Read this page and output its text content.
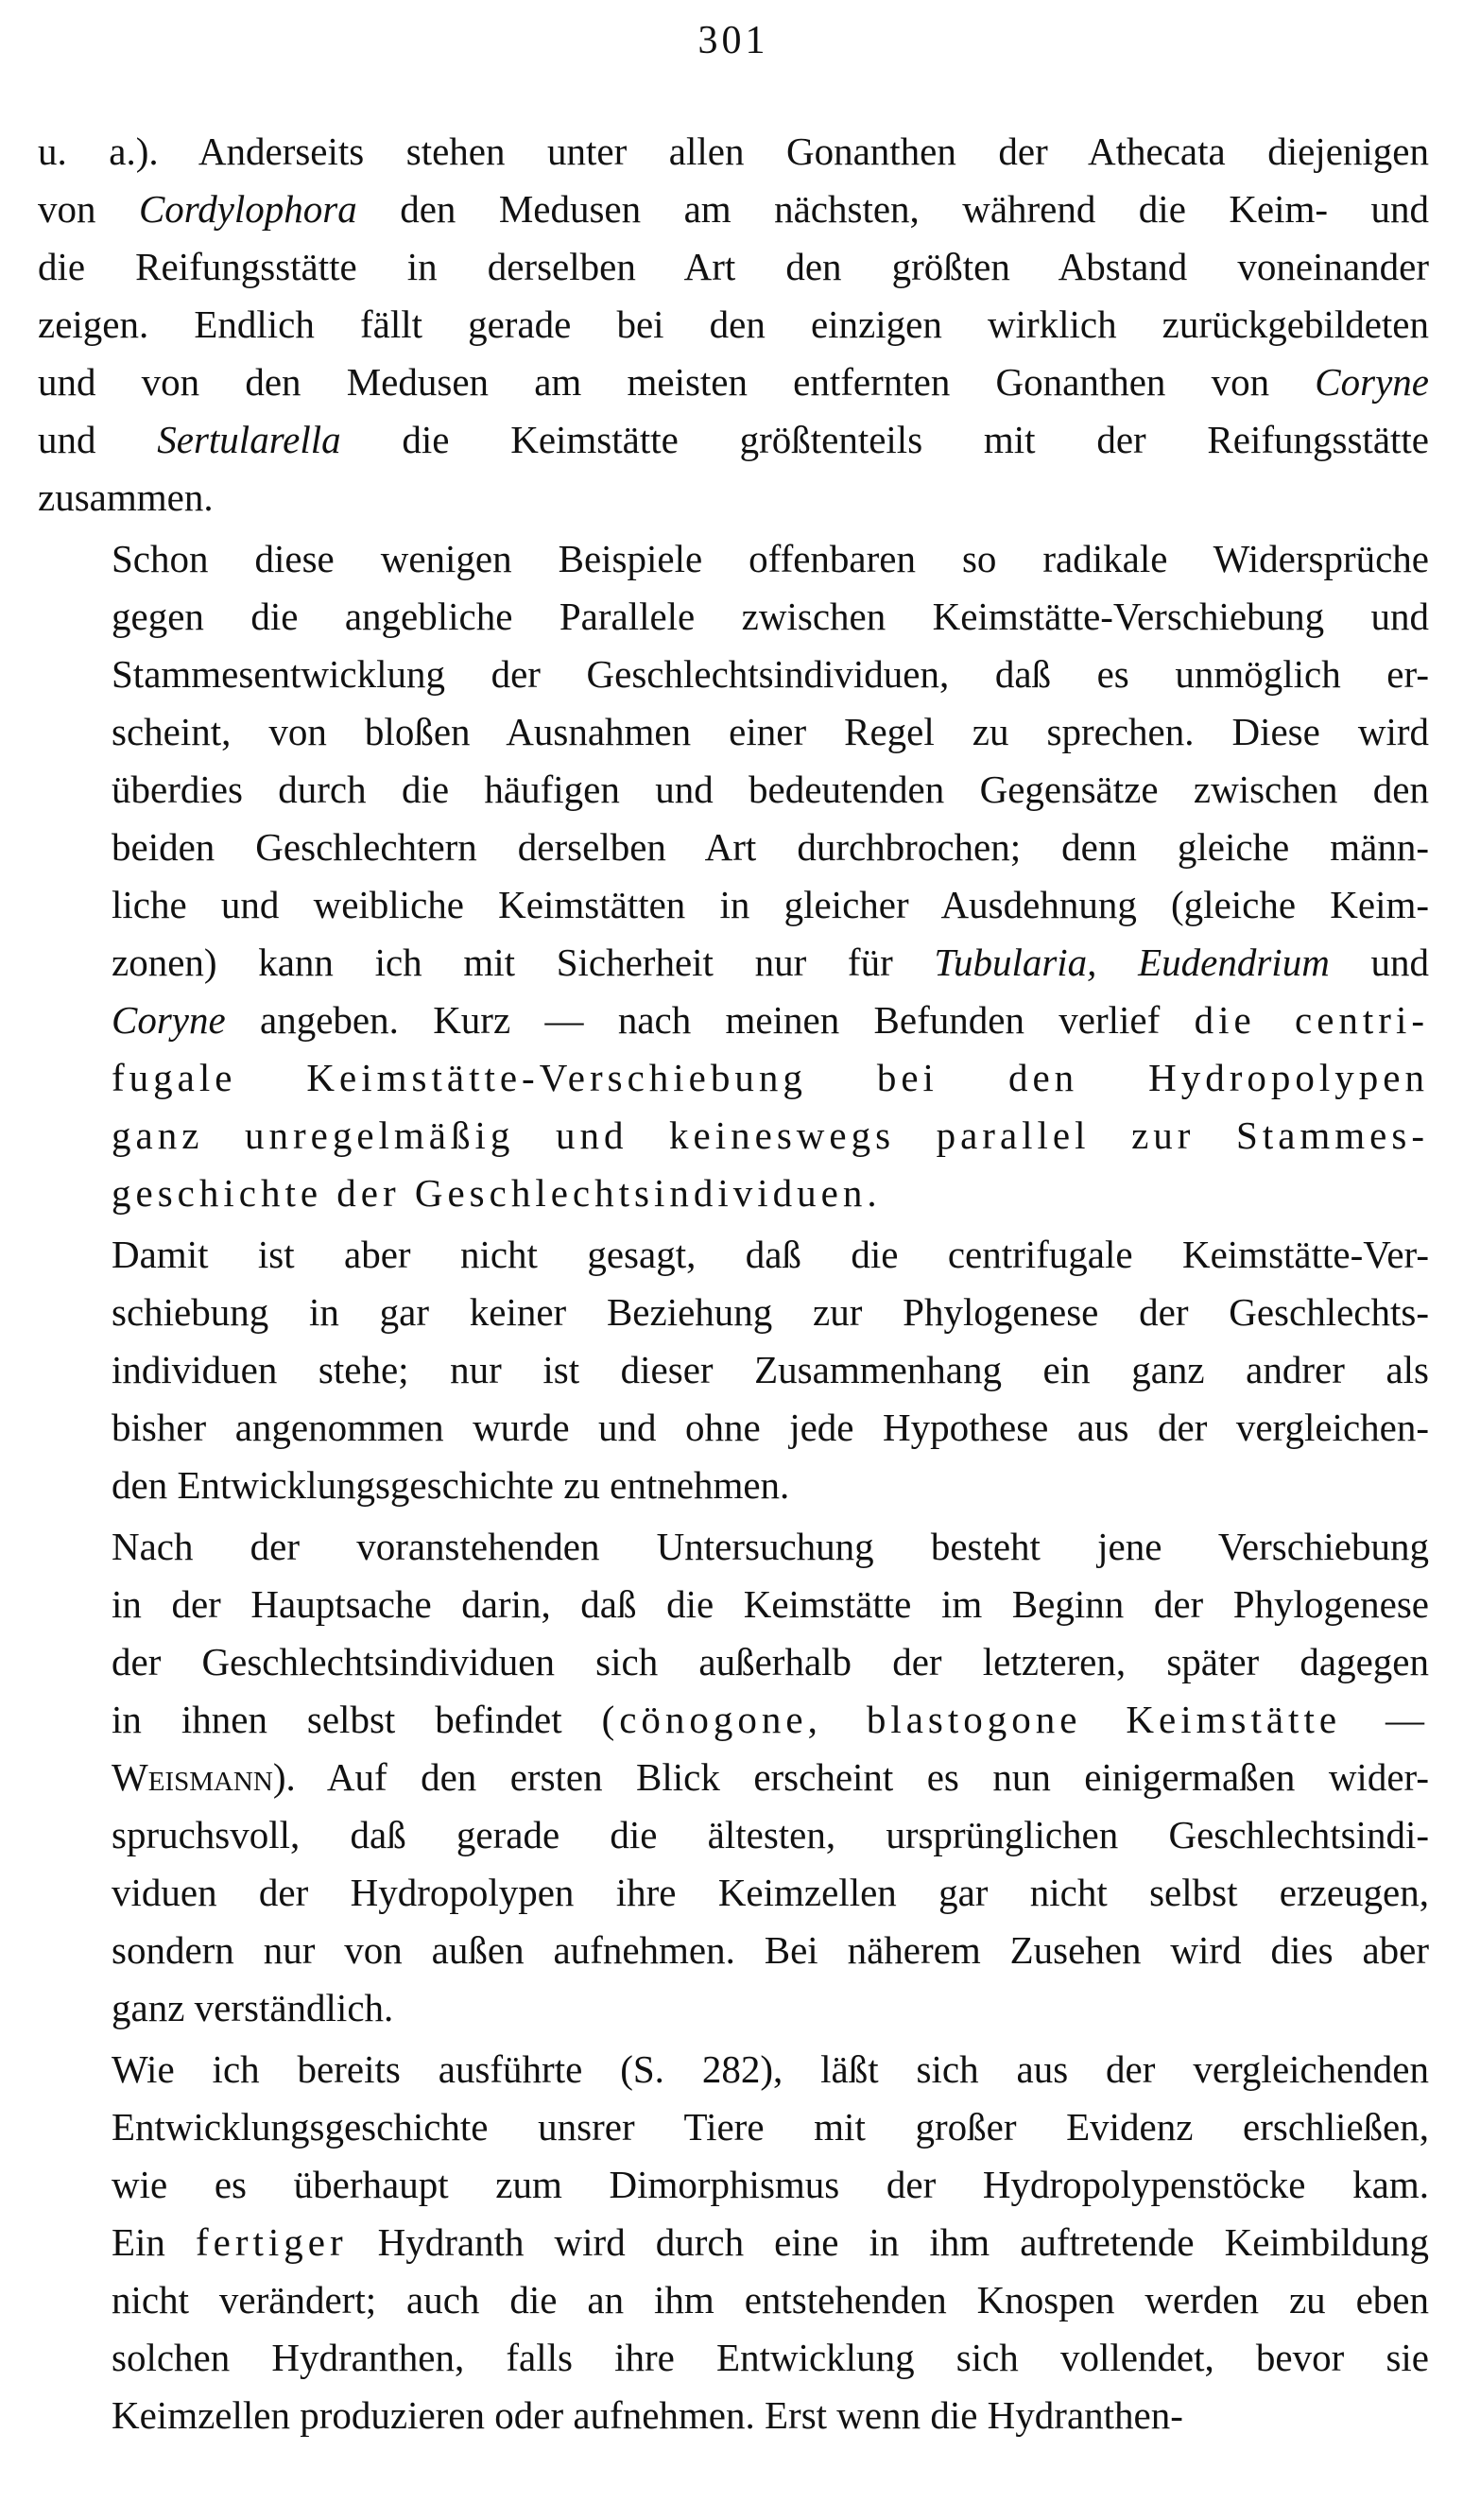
301
u. a.). Anderseits stehen unter allen Gonanthen der Athecata diejenigen
von Cordylophora den Medusen am nächsten, während die Keim- und
die Reifungsstätte in derselben Art den größten Abstand voneinander
zeigen. Endlich fällt gerade bei den einzigen wirklich zurückgebildeten
und von den Medusen am meisten entfernten Gonanthen von Coryne
und Sertularella die Keimstätte größtenteils mit der Reifungsstätte
zusammen.
Schon diese wenigen Beispiele offenbaren so radikale Widersprüche
gegen die angebliche Parallele zwischen Keimstätte-Verschiebung und
Stammesentwicklung der Geschlechtsindividuen, daß es unmöglich er-
scheint, von bloßen Ausnahmen einer Regel zu sprechen. Diese wird
überdies durch die häufigen und bedeutenden Gegensätze zwischen den
beiden Geschlechtern derselben Art durchbrochen; denn gleiche männ-
liche und weibliche Keimstätten in gleicher Ausdehnung (gleiche Keim-
zonen) kann ich mit Sicherheit nur für Tubularia, Eudendrium und
Coryne angeben. Kurz — nach meinen Befunden verlief die centri-
fugale Keimstätte-Verschiebung bei den Hydropolypen
ganz unregelmäßig und keineswegs parallel zur Stammes-
geschichte der Geschlechtsindividuen.
Damit ist aber nicht gesagt, daß die centrifugale Keimstätte-Ver-
schiebung in gar keiner Beziehung zur Phylogenese der Geschlechts-
individuen stehe; nur ist dieser Zusammenhang ein ganz andrer als
bisher angenommen wurde und ohne jede Hypothese aus der vergleichen-
den Entwicklungsgeschichte zu entnehmen.
Nach der voranstehenden Untersuchung besteht jene Verschiebung
in der Hauptsache darin, daß die Keimstätte im Beginn der Phylogenese
der Geschlechtsindividuen sich außerhalb der letzteren, später dagegen
in ihnen selbst befindet (cönogone, blastogone Keimstätte —
Weismann). Auf den ersten Blick erscheint es nun einigermaßen wider-
spruchsvoll, daß gerade die ältesten, ursprünglichen Geschlechtsindi-
viduen der Hydropolypen ihre Keimzellen gar nicht selbst erzeugen,
sondern nur von außen aufnehmen. Bei näherem Zusehen wird dies aber
ganz verständlich.
Wie ich bereits ausführte (S. 282), läßt sich aus der vergleichenden
Entwicklungsgeschichte unsrer Tiere mit großer Evidenz erschließen,
wie es überhaupt zum Dimorphismus der Hydropolypenstöcke kam.
Ein fertiger Hydranth wird durch eine in ihm auftretende Keimbildung
nicht verändert; auch die an ihm entstehenden Knospen werden zu eben
solchen Hydranthen, falls ihre Entwicklung sich vollendet, bevor sie
Keimzellen produzieren oder aufnehmen. Erst wenn die Hydranthen-
